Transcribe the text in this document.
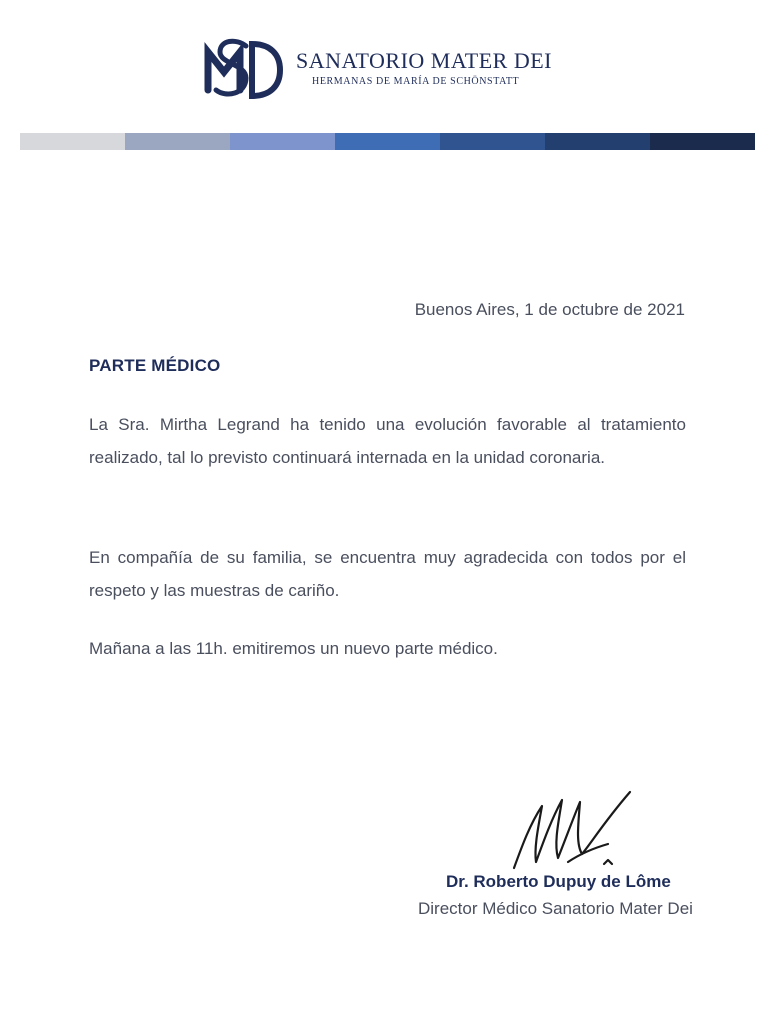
SANATORIO MATER DEI
HERMANAS DE MARÍA DE SCHÖNSTATT
Buenos Aires, 1 de octubre de 2021
PARTE MÉDICO
La Sra. Mirtha Legrand ha tenido una evolución favorable al tratamiento realizado, tal lo previsto continuará internada en la unidad coronaria.
En compañía de su familia, se encuentra muy agradecida con todos por el respeto y las muestras de cariño.
Mañana a las 11h. emitiremos un nuevo parte médico.
Dr. Roberto Dupuy de Lôme
Director Médico Sanatorio Mater Dei
